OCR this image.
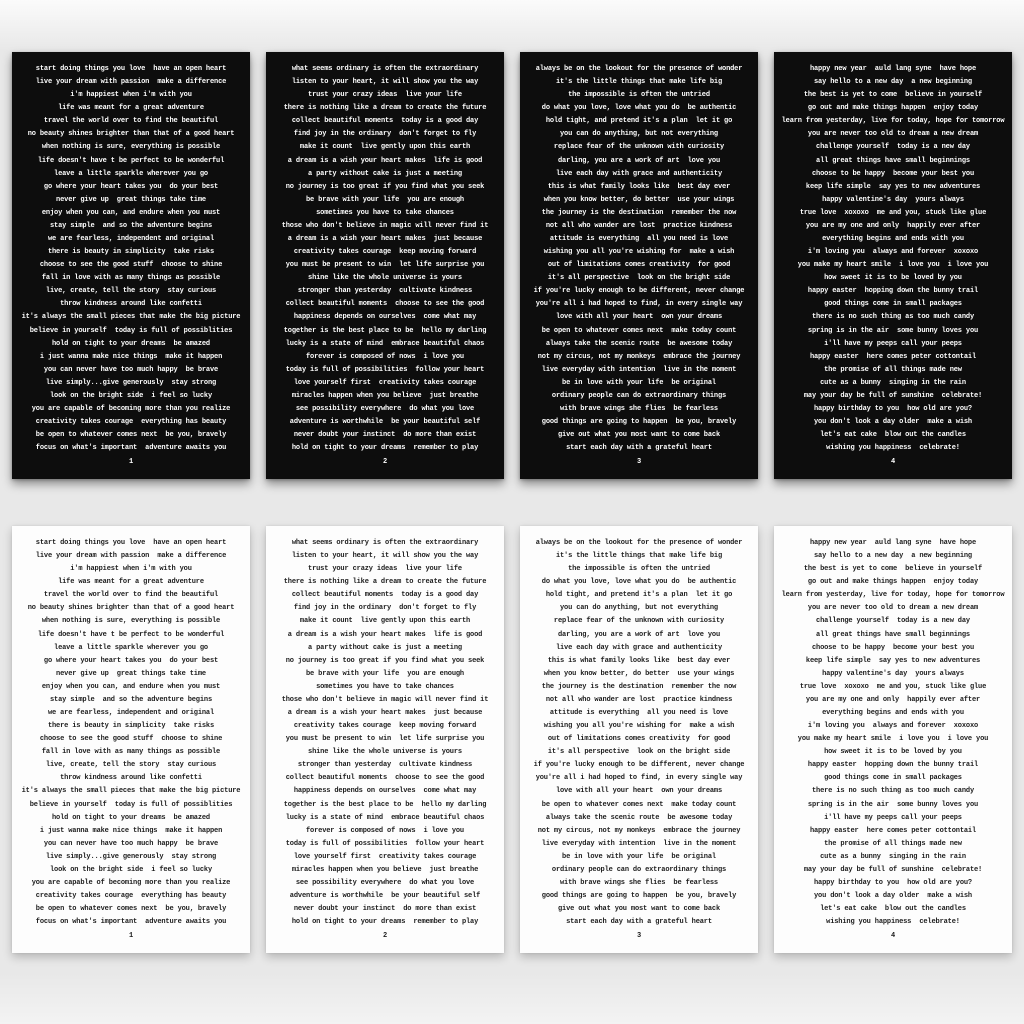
start doing things you love  have an open heart
live your dream with passion  make a difference
i'm happiest when i'm with you
life was meant for a great adventure
travel the world over to find the beautiful
no beauty shines brighter than that of a good heart
when nothing is sure, everything is possible
life doesn't have t be perfect to be wonderful
leave a little sparkle wherever you go
go where your heart takes you  do your best
never give up  great things take time
enjoy when you can, and endure when you must
stay simple  and so the adventure begins
we are fearless, independent and original
there is beauty in simplicity  take risks
choose to see the good stuff  choose to shine
fall in love with as many things as possible
live, create, tell the story  stay curious
throw kindness around like confetti
it's always the small pieces that make the big picture
believe in yourself  today is full of possiblities
hold on tight to your dreams  be amazed
i just wanna make nice things  make it happen
you can never have too much happy  be brave
live simply...give generously  stay strong
look on the bright side  i feel so lucky
you are capable of becoming more than you realize
creativity takes courage  everything has beauty
be open to whatever comes next  be you, bravely
focus on what's important  adventure awaits you
1
what seems ordinary is often the extraordinary
listen to your heart, it will show you the way
trust your crazy ideas  live your life
there is nothing like a dream to create the future
collect beautiful moments  today is a good day
find joy in the ordinary  don't forget to fly
make it count  live gently upon this earth
a dream is a wish your heart makes  life is good
a party without cake is just a meeting
no journey is too great if you find what you seek
be brave with your life  you are enough
sometimes you have to take chances
those who don't believe in magic will never find it
a dream is a wish your heart makes  just because
creativity takes courage  keep moving forward
you must be present to win  let life surprise you
shine like the whole universe is yours
stronger than yesterday  cultivate kindness
collect beautiful moments  choose to see the good
happiness depends on ourselves  come what may
together is the best place to be  hello my darling
lucky is a state of mind  embrace beautiful chaos
forever is composed of nows  i love you
today is full of possibilities  follow your heart
love yourself first  creativity takes courage
miracles happen when you believe  just breathe
see possibility everywhere  do what you love
adventure is worthwhile  be your beautiful self
never doubt your instinct  do more than exist
hold on tight to your dreams  remember to play
2
always be on the lookout for the presence of wonder
it's the little things that make life big
the impossible is often the untried
do what you love, love what you do  be authentic
hold tight, and pretend it's a plan  let it go
you can do anything, but not everything
replace fear of the unknown with curiosity
darling, you are a work of art  love you
live each day with grace and authenticity
this is what family looks like  best day ever
when you know better, do better  use your wings
the journey is the destination  remember the now
not all who wander are lost  practice kindness
attitude is everything  all you need is love
wishing you all you're wishing for  make a wish
out of limitations comes creativity  for good
it's all perspective  look on the bright side
if you're lucky enough to be different, never change
you're all i had hoped to find, in every single way
love with all your heart  own your dreams
be open to whatever comes next  make today count
always take the scenic route  be awesome today
not my circus, not my monkeys  embrace the journey
live everyday with intention  live in the moment
be in love with your life  be original
ordinary people can do extraordinary things
with brave wings she flies  be fearless
good things are going to happen  be you, bravely
give out what you most want to come back
start each day with a grateful heart
3
happy new year  auld lang syne  have hope
say hello to a new day  a new beginning
the best is yet to come  believe in yourself
go out and make things happen  enjoy today
learn from yesterday, live for today, hope for tomorrow
you are never too old to dream a new dream
challenge yourself  today is a new day
all great things have small beginnings
choose to be happy  become your best you
keep life simple  say yes to new adventures
happy valentine's day  yours always
true love  xoxoxo  me and you, stuck like glue
you are my one and only  happily ever after
everything begins and ends with you
i'm loving you  always and forever  xoxoxo
you make my heart smile  i love you  i love you
how sweet it is to be loved by you
happy easter  hopping down the bunny trail
good things come in small packages
there is no such thing as too much candy
spring is in the air  some bunny loves you
i'll have my peeps call your peeps
happy easter  here comes peter cottontail
the promise of all things made new
cute as a bunny  singing in the rain
may your day be full of sunshine  celebrate!
happy birthday to you  how old are you?
you don't look a day older  make a wish
let's eat cake  blow out the candles
wishing you happiness  celebrate!
4
start doing things you love  have an open heart
live your dream with passion  make a difference
i'm happiest when i'm with you
life was meant for a great adventure
travel the world over to find the beautiful
no beauty shines brighter than that of a good heart
when nothing is sure, everything is possible
life doesn't have t be perfect to be wonderful
leave a little sparkle wherever you go
go where your heart takes you  do your best
never give up  great things take time
enjoy when you can, and endure when you must
stay simple  and so the adventure begins
we are fearless, independent and original
there is beauty in simplicity  take risks
choose to see the good stuff  choose to shine
fall in love with as many things as possible
live, create, tell the story  stay curious
throw kindness around like confetti
it's always the small pieces that make the big picture
believe in yourself  today is full of possiblities
hold on tight to your dreams  be amazed
i just wanna make nice things  make it happen
you can never have too much happy  be brave
live simply...give generously  stay strong
look on the bright side  i feel so lucky
you are capable of becoming more than you realize
creativity takes courage  everything has beauty
be open to whatever comes next  be you, bravely
focus on what's important  adventure awaits you
1
what seems ordinary is often the extraordinary
listen to your heart, it will show you the way
trust your crazy ideas  live your life
there is nothing like a dream to create the future
collect beautiful moments  today is a good day
find joy in the ordinary  don't forget to fly
make it count  live gently upon this earth
a dream is a wish your heart makes  life is good
a party without cake is just a meeting
no journey is too great if you find what you seek
be brave with your life  you are enough
sometimes you have to take chances
those who don't believe in magic will never find it
a dream is a wish your heart makes  just because
creativity takes courage  keep moving forward
you must be present to win  let life surprise you
shine like the whole universe is yours
stronger than yesterday  cultivate kindness
collect beautiful moments  choose to see the good
happiness depends on ourselves  come what may
together is the best place to be  hello my darling
lucky is a state of mind  embrace beautiful chaos
forever is composed of nows  i love you
today is full of possibilities  follow your heart
love yourself first  creativity takes courage
miracles happen when you believe  just breathe
see possibility everywhere  do what you love
adventure is worthwhile  be your beautiful self
never doubt your instinct  do more than exist
hold on tight to your dreams  remember to play
2
always be on the lookout for the presence of wonder
it's the little things that make life big
the impossible is often the untried
do what you love, love what you do  be authentic
hold tight, and pretend it's a plan  let it go
you can do anything, but not everything
replace fear of the unknown with curiosity
darling, you are a work of art  love you
live each day with grace and authenticity
this is what family looks like  best day ever
when you know better, do better  use your wings
the journey is the destination  remember the now
not all who wander are lost  practice kindness
attitude is everything  all you need is love
wishing you all you're wishing for  make a wish
out of limitations comes creativity  for good
it's all perspective  look on the bright side
if you're lucky enough to be different, never change
you're all i had hoped to find, in every single way
love with all your heart  own your dreams
be open to whatever comes next  make today count
always take the scenic route  be awesome today
not my circus, not my monkeys  embrace the journey
live everyday with intention  live in the moment
be in love with your life  be original
ordinary people can do extraordinary things
with brave wings she flies  be fearless
good things are going to happen  be you, bravely
give out what you most want to come back
start each day with a grateful heart
3
happy new year  auld lang syne  have hope
say hello to a new day  a new beginning
the best is yet to come  believe in yourself
go out and make things happen  enjoy today
learn from yesterday, live for today, hope for tomorrow
you are never too old to dream a new dream
challenge yourself  today is a new day
all great things have small beginnings
choose to be happy  become your best you
keep life simple  say yes to new adventures
happy valentine's day  yours always
true love  xoxoxo  me and you, stuck like glue
you are my one and only  happily ever after
everything begins and ends with you
i'm loving you  always and forever  xoxoxo
you make my heart smile  i love you  i love you
how sweet it is to be loved by you
happy easter  hopping down the bunny trail
good things come in small packages
there is no such thing as too much candy
spring is in the air  some bunny loves you
i'll have my peeps call your peeps
happy easter  here comes peter cottontail
the promise of all things made new
cute as a bunny  singing in the rain
may your day be full of sunshine  celebrate!
happy birthday to you  how old are you?
you don't look a day older  make a wish
let's eat cake  blow out the candles
wishing you happiness  celebrate!
4
